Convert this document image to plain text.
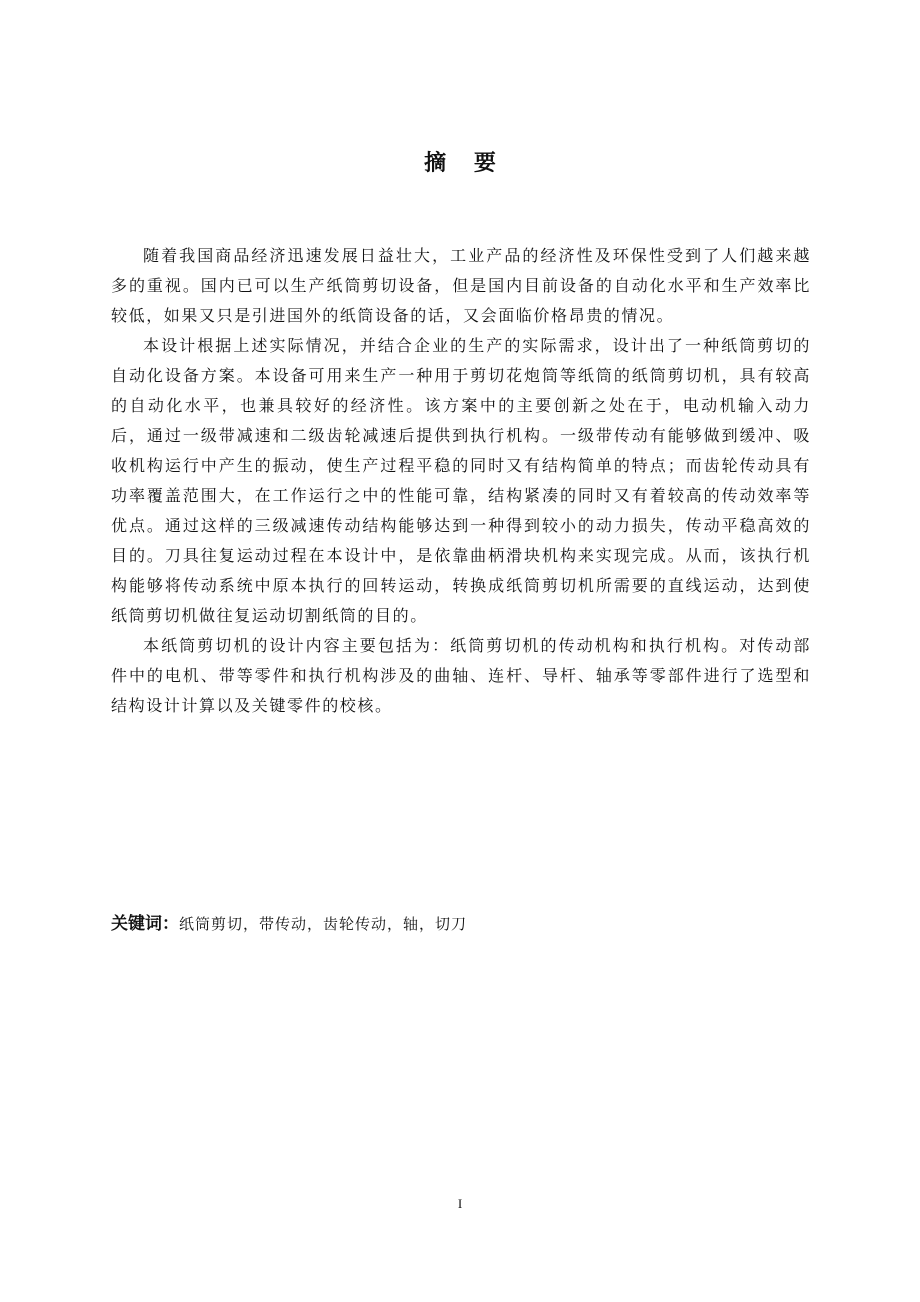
摘 要

随着我国商品经济迅速发展日益壮大，工业产品的经济性及环保性受到了人们越来越多的重视。国内已可以生产纸筒剪切设备，但是国内目前设备的自动化水平和生产效率比较低，如果又只是引进国外的纸筒设备的话，又会面临价格昂贵的情况。

本设计根据上述实际情况，并结合企业的生产的实际需求，设计出了一种纸筒剪切的自动化设备方案。本设备可用来生产一种用于剪切花炮筒等纸筒的纸筒剪切机，具有较高的自动化水平，也兼具较好的经济性。该方案中的主要创新之处在于，电动机输入动力后，通过一级带减速和二级齿轮减速后提供到执行机构。一级带传动有能够做到缓冲、吸收机构运行中产生的振动，使生产过程平稳的同时又有结构简单的特点；而齿轮传动具有功率覆盖范围大，在工作运行之中的性能可靠，结构紧凑的同时又有着较高的传动效率等优点。通过这样的三级减速传动结构能够达到一种得到较小的动力损失，传动平稳高效的目的。刀具往复运动过程在本设计中，是依靠曲柄滑块机构来实现完成。从而，该执行机构能够将传动系统中原本执行的回转运动，转换成纸筒剪切机所需要的直线运动，达到使纸筒剪切机做往复运动切割纸筒的目的。

本纸筒剪切机的设计内容主要包括为：纸筒剪切机的传动机构和执行机构。对传动部件中的电机、带等零件和执行机构涉及的曲轴、连杆、导杆、轴承等零部件进行了选型和结构设计计算以及关键零件的校核。

关键词：纸筒剪切，带传动，齿轮传动，轴，切刀
I
